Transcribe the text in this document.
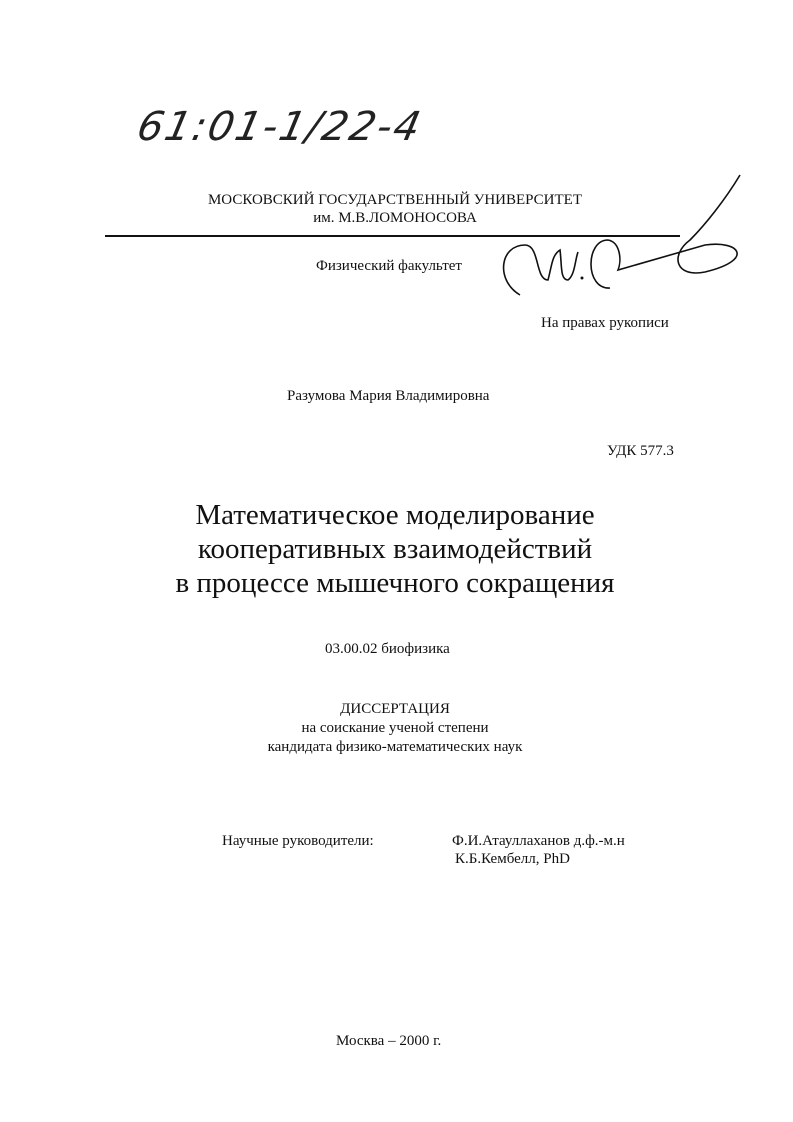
61:01-1/22-4
МОСКОВСКИЙ ГОСУДАРСТВЕННЫЙ УНИВЕРСИТЕТ
им. М.В.ЛОМОНОСОВА
Физический факультет
На правах рукописи
Разумова Мария Владимировна
УДК 577.3
Математическое моделирование
кооперативных взаимодействий
в процессе мышечного сокращения
03.00.02 биофизика
ДИССЕРТАЦИЯ
на соискание ученой степени
кандидата физико-математических наук
Научные руководители:	Ф.И.Атауллаханов д.ф.-м.н
К.Б.Кембелл, PhD
Москва – 2000 г.
